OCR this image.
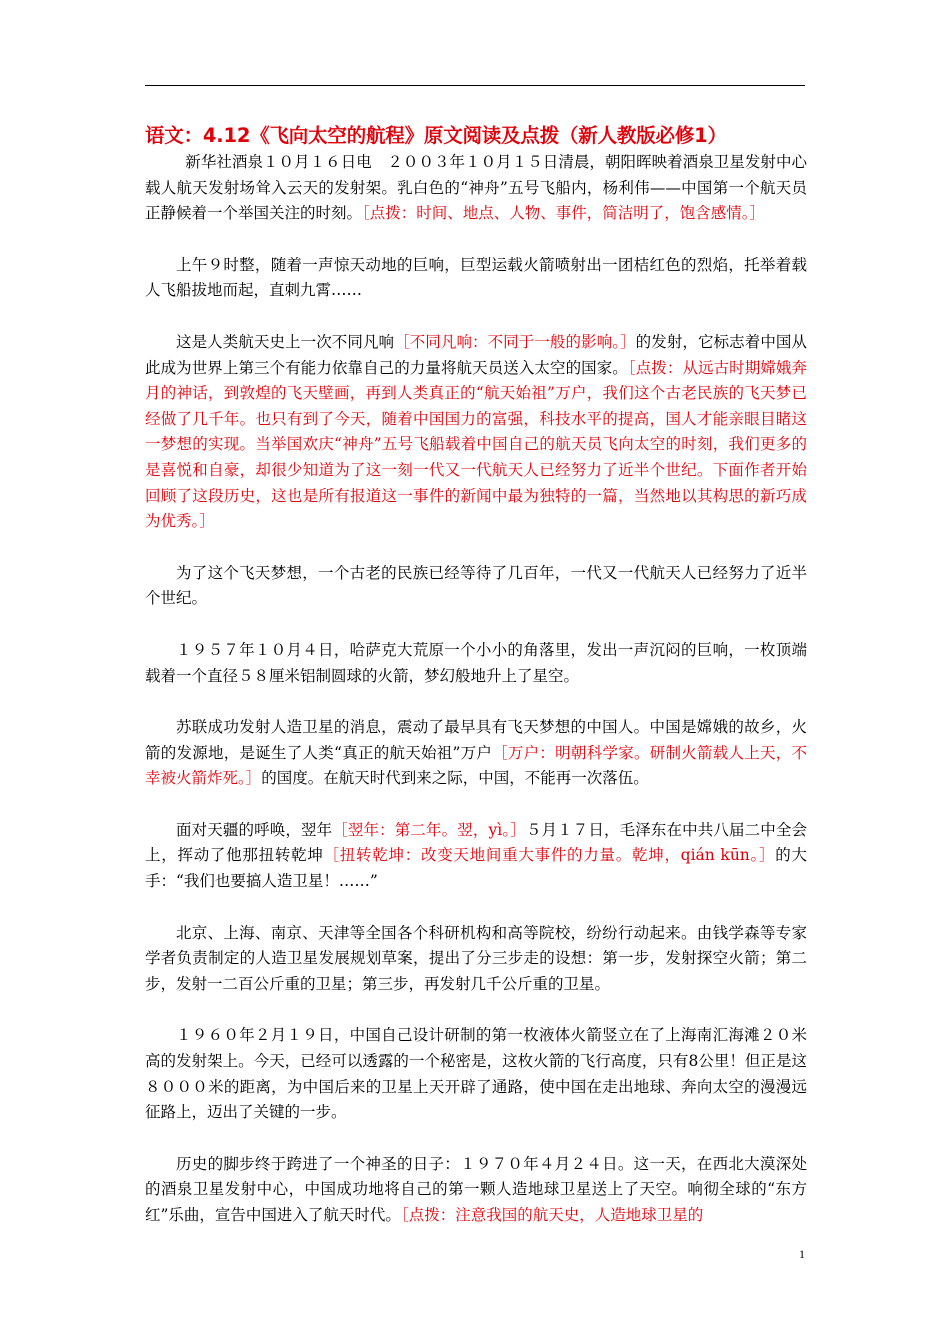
语文：4.12《飞向太空的航程》原文阅读及点拨（新人教版必修1）

新华社酒泉１０月１６日电　２００３年１０月１５日清晨，朝阳晖映着酒泉卫星发射中心载人航天发射场耸入云天的发射架。乳白色的“神舟”五号飞船内，杨利伟——中国第一个航天员正静候着一个举国关注的时刻。［点拨：时间、地点、人物、事件，简洁明了，饱含感情。］

上午９时整，随着一声惊天动地的巨响，巨型运载火箭喷射出一团桔红色的烈焰，托举着载人飞船拔地而起，直刺九霄……

这是人类航天史上一次不同凡响［不同凡响：不同于一般的影响。］的发射，它标志着中国从此成为世界上第三个有能力依靠自己的力量将航天员送入太空的国家。［点拨：从远古时期嫦娥奔月的神话，到敦煌的飞天壁画，再到人类真正的“航天始祖”万户，我们这个古老民族的飞天梦已经做了几千年。也只有到了今天，随着中国国力的富强，科技水平的提高，国人才能亲眼目睹这一梦想的实现。当举国欢庆“神舟”五号飞船载着中国自己的航天员飞向太空的时刻，我们更多的是喜悦和自豪，却很少知道为了这一刻一代又一代航天人已经努力了近半个世纪。下面作者开始回顾了这段历史，这也是所有报道这一事件的新闻中最为独特的一篇，当然地以其构思的新巧成为优秀。］

为了这个飞天梦想，一个古老的民族已经等待了几百年，一代又一代航天人已经努力了近半个世纪。

１９５７年１０月４日，哈萨克大荒原一个小小的角落里，发出一声沉闷的巨响，一枚顶端载着一个直径５８厘米铝制圆球的火箭，梦幻般地升上了星空。

苏联成功发射人造卫星的消息，震动了最早具有飞天梦想的中国人。中国是嫦娥的故乡，火箭的发源地，是诞生了人类“真正的航天始祖”万户［万户：明朝科学家。研制火箭载人上天，不幸被火箭炸死。］的国度。在航天时代到来之际，中国，不能再一次落伍。

面对天疆的呼唤，翌年［翌年：第二年。翌，yì。］５月１７日，毛泽东在中共八届二中全会上，挥动了他那扭转乾坤［扭转乾坤：改变天地间重大事件的力量。乾坤，qián kūn。］的大手：“我们也要搞人造卫星！……”

北京、上海、南京、天津等全国各个科研机构和高等院校，纷纷行动起来。由钱学森等专家学者负责制定的人造卫星发展规划草案，提出了分三步走的设想：第一步，发射探空火箭；第二步，发射一二百公斤重的卫星；第三步，再发射几千公斤重的卫星。

１９６０年２月１９日，中国自己设计研制的第一枚液体火箭竖立在了上海南汇海滩２０米高的发射架上。今天，已经可以透露的一个秘密是，这枚火箭的飞行高度，只有8公里！但正是这８０００米的距离，为中国后来的卫星上天开辟了通路，使中国在走出地球、奔向太空的漫漫远征路上，迈出了关键的一步。

历史的脚步终于跨进了一个神圣的日子：１９７０年４月２４日。这一天，在西北大漠深处的酒泉卫星发射中心，中国成功地将自己的第一颗人造地球卫星送上了天空。响彻全球的“东方红”乐曲，宣告中国进入了航天时代。［点拨：注意我国的航天史，人造地球卫星的

1
